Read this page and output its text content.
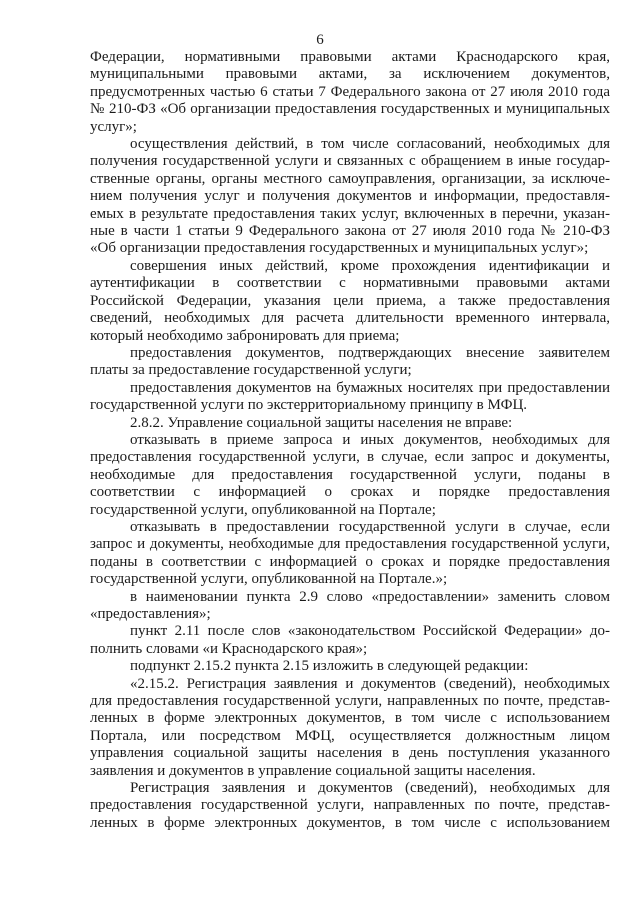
6
Федерации, нормативными правовыми актами Краснодарского края,
муниципальными правовыми актами, за исключением документов,
предусмотренных частью 6 статьи 7 Федерального закона от 27 июля 2010 года
№ 210-ФЗ «Об организации предоставления государственных и муниципальных
услуг»;
осуществления действий, в том числе согласований, необходимых для
получения государственной услуги и связанных с обращением в иные государ-
ственные органы, органы местного самоуправления, организации, за исключе-
нием получения услуг и получения документов и информации, предоставля-
емых в результате предоставления таких услуг, включенных в перечни, указан-
ные в части 1 статьи 9 Федерального закона от 27 июля 2010 года № 210-ФЗ
«Об организации предоставления государственных и муниципальных услуг»;
совершения иных действий, кроме прохождения идентификации и
аутентификации в соответствии с нормативными правовыми актами
Российской Федерации, указания цели приема, а также предоставления
сведений, необходимых для расчета длительности временного интервала,
который необходимо забронировать для приема;
предоставления документов, подтверждающих внесение заявителем
платы за предоставление государственной услуги;
предоставления документов на бумажных носителях при предоставлении
государственной услуги по экстерриториальному принципу в МФЦ.
2.8.2. Управление социальной защиты населения не вправе:
отказывать в приеме запроса и иных документов, необходимых для
предоставления государственной услуги, в случае, если запрос и документы,
необходимые для предоставления государственной услуги, поданы в
соответствии с информацией о сроках и порядке предоставления
государственной услуги, опубликованной на Портале;
отказывать в предоставлении государственной услуги в случае, если
запрос и документы, необходимые для предоставления государственной услуги,
поданы в соответствии с информацией о сроках и порядке предоставления
государственной услуги, опубликованной на Портале.»;
в наименовании пункта 2.9 слово «предоставлении» заменить словом
«предоставления»;
пункт 2.11 после слов «законодательством Российской Федерации» до-
полнить словами «и Краснодарского края»;
подпункт 2.15.2 пункта 2.15 изложить в следующей редакции:
«2.15.2. Регистрация заявления и документов (сведений), необходимых
для предоставления государственной услуги, направленных по почте, представ-
ленных в форме электронных документов, в том числе с использованием
Портала, или посредством МФЦ, осуществляется должностным лицом
управления социальной защиты населения в день поступления указанного
заявления и документов в управление социальной защиты населения.
Регистрация заявления и документов (сведений), необходимых для
предоставления государственной услуги, направленных по почте, представ-
ленных в форме электронных документов, в том числе с использованием
